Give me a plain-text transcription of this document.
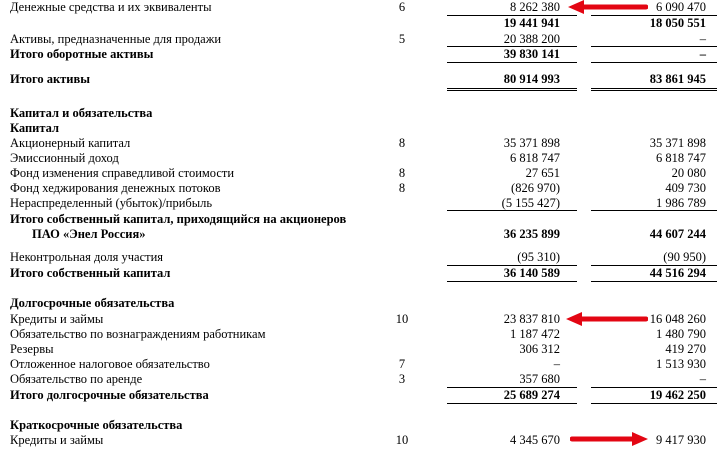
Денежные средства и их эквиваленты	6	8 262 380	6 090 470
19 441 941	18 050 551
Активы, предназначенные для продажи	5	20 388 200	–
Итого оборотные активы	39 830 141	–
Итого активы	80 914 993	83 861 945
Капитал и обязательства
Капитал
Акционерный капитал	8	35 371 898	35 371 898
Эмиссионный доход	6 818 747	6 818 747
Фонд изменения справедливой стоимости	8	27 651	20 080
Фонд хеджирования денежных потоков	8	(826 970)	409 730
Нераспределенный (убыток)/прибыль	(5 155 427)	1 986 789
Итого собственный капитал, приходящийся на акционеров
ПАО «Энел Россия»	36 235 899	44 607 244
Неконтрольная доля участия	(95 310)	(90 950)
Итого собственный капитал	36 140 589	44 516 294
Долгосрочные обязательства
Кредиты и займы	10	23 837 810	16 048 260
Обязательство по вознаграждениям работникам	1 187 472	1 480 790
Резервы	306 312	419 270
Отложенное налоговое обязательство	7	–	1 513 930
Обязательство по аренде	3	357 680	–
Итого долгосрочные обязательства	25 689 274	19 462 250
Краткосрочные обязательства
Кредиты и займы	10	4 345 670	9 417 930
